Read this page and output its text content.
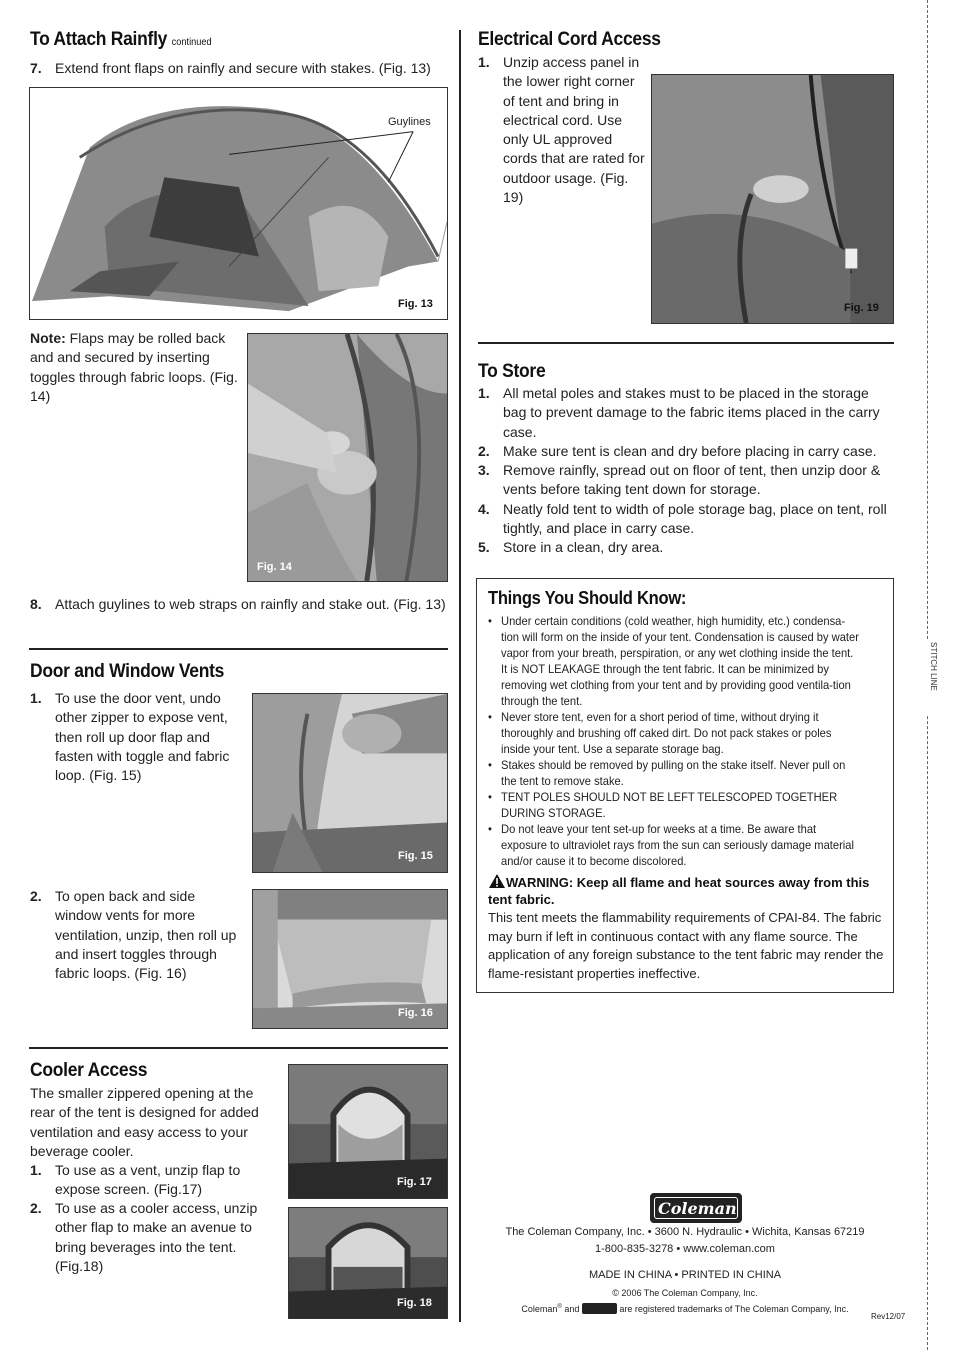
To Attach Rainfly continued
7. Extend front flaps on rainfly and secure with stakes. (Fig. 13)
Guylines
Fig. 13
Note: Flaps may be rolled back and and secured by inserting toggles through fabric loops. (Fig. 14)
Fig. 14
8. Attach guylines to web straps on rainfly and stake out. (Fig. 13)
Door and Window Vents
1. To use the door vent, undo other zipper to expose vent, then roll up door flap and fasten with toggle and fabric loop. (Fig. 15)
Fig. 15
2. To open back and side window vents for more ventilation, unzip, then roll up and insert toggles through fabric loops. (Fig. 16)
Fig. 16
Cooler Access
The smaller zippered opening at the rear of the tent is designed for added ventilation and easy access to your beverage cooler.
1. To use as a vent, unzip flap to expose screen. (Fig.17)
2. To use as a cooler access, unzip other flap to make an avenue to bring beverages into the tent. (Fig.18)
Fig. 17
Fig. 18
Electrical Cord Access
1. Unzip access panel in the lower right corner of tent and bring in electrical cord. Use only UL approved cords that are rated for outdoor usage. (Fig. 19)
Fig. 19
To Store
1. All metal poles and stakes must to be placed in the storage bag to prevent damage to the fabric items placed in the carry case.
2. Make sure tent is clean and dry before placing in carry case.
3. Remove rainfly, spread out on floor of tent, then unzip door & vents before taking tent down for storage.
4. Neatly fold tent to width of pole storage bag, place on tent, roll tightly, and place in carry case.
5. Store in a clean, dry area.
Things You Should Know:
• Under certain conditions (cold weather, high humidity, etc.) condensa-tion will form on the inside of your tent. Condensation is caused by water vapor from your breath, perspiration, or any wet clothing inside the tent. It is NOT LEAKAGE through the tent fabric. It can be minimized by removing wet clothing from your tent and by providing good ventila-tion through the tent.
• Never store tent, even for a short period of time, without drying it thoroughly and brushing off caked dirt. Do not pack stakes or poles inside your tent. Use a separate storage bag.
• Stakes should be removed by pulling on the stake itself. Never pull on the tent to remove stake.
• TENT POLES SHOULD NOT BE LEFT TELESCOPED TOGETHER DURING STORAGE.
• Do not leave your tent set-up for weeks at a time. Be aware that exposure to ultraviolet rays from the sun can seriously damage material and/or cause it to become discolored.
WARNING: Keep all flame and heat sources away from this tent fabric.
This tent meets the flammability requirements of CPAI-84. The fabric may burn if left in continuous contact with any flame source. The application of any foreign substance to the tent fabric may render the flame-resistant properties ineffective.
Coleman
The Coleman Company, Inc. • 3600 N. Hydraulic • Wichita, Kansas 67219
1-800-835-3278 • www.coleman.com
MADE IN CHINA • PRINTED IN CHINA
© 2006 The Coleman Company, Inc.
Coleman® and	are registered trademarks of The Coleman Company, Inc.
Rev12/07
STITCH LINE
